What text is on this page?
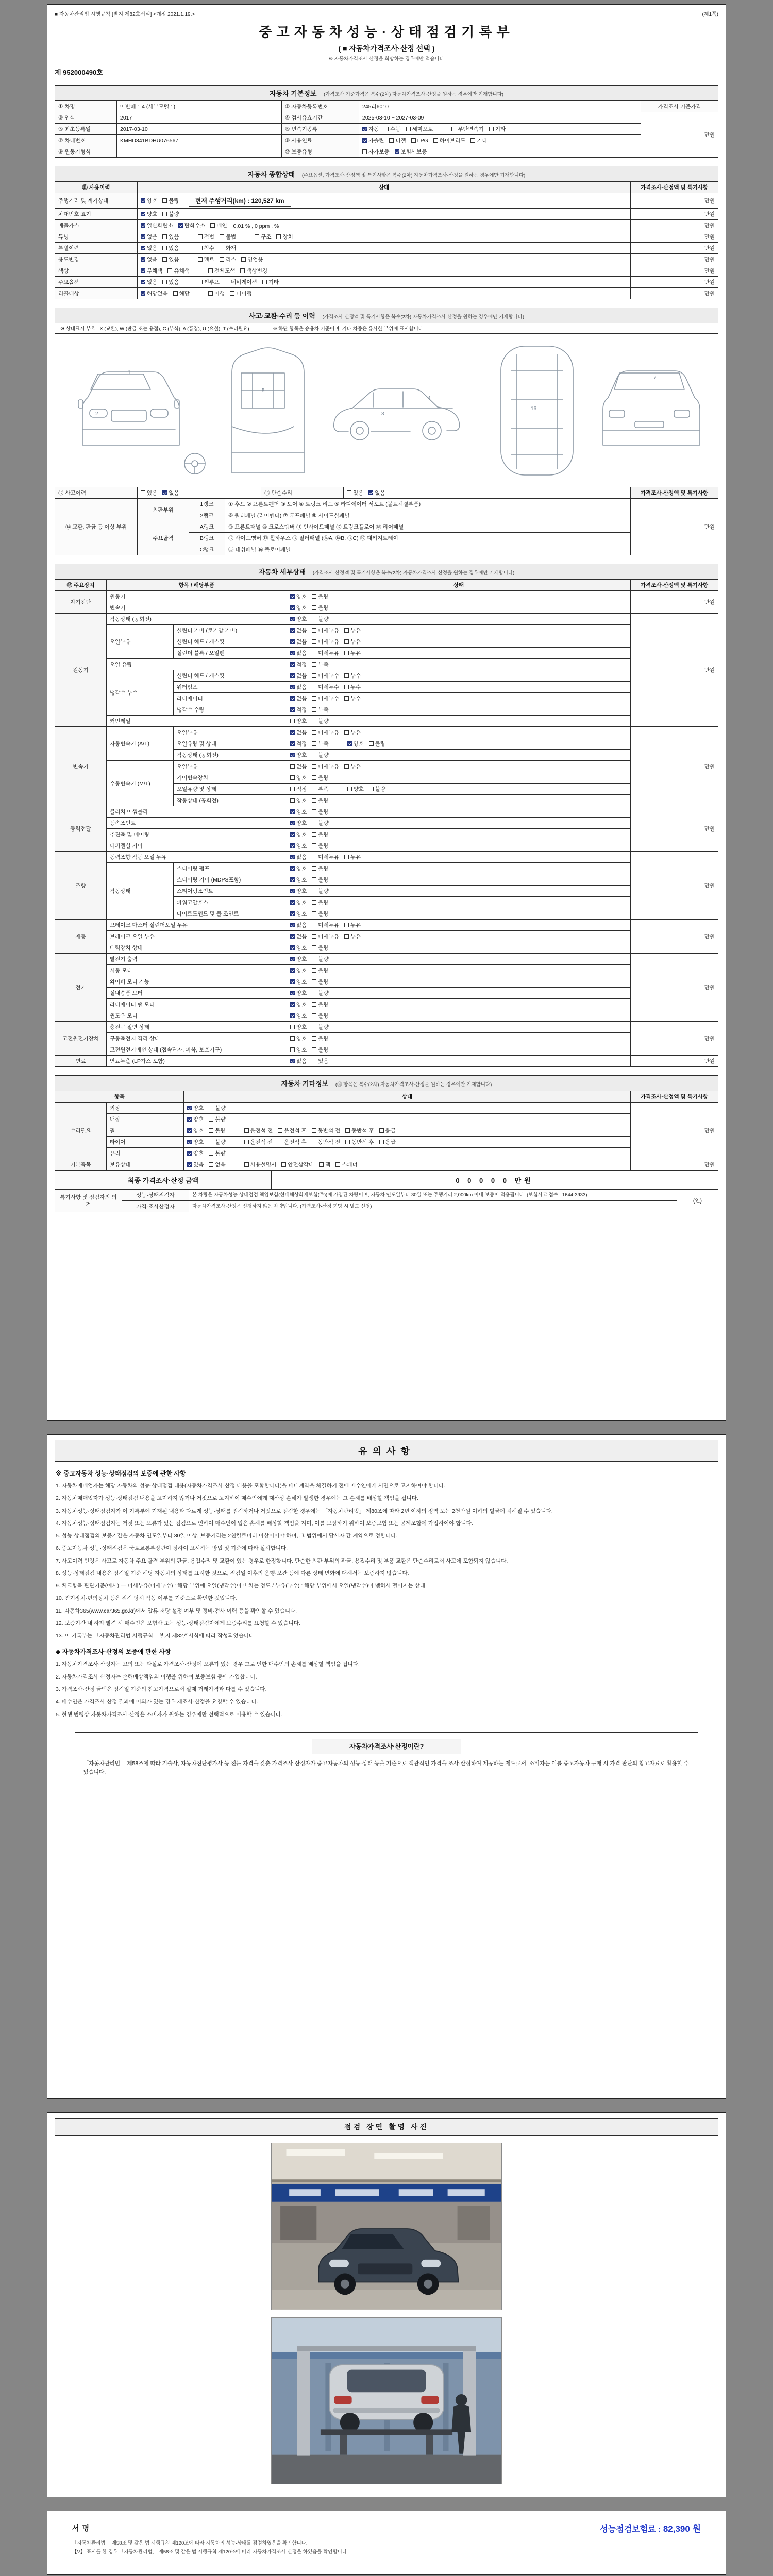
■ 자동차관리법 시행규칙 [별지 제82호서식] <개정 2021.1.19.>	(제1쪽)
중고자동차성능·상태점검기록부
( ■ 자동차가격조사·산정 선택 )
※ 자동차가격조사·산정을 희망하는 경우에만 적습니다
제 952000490호
자동차 기본정보 (가격조사 기준가격은 복수(2차) 자동차가격조사·산정을 원하는 경우에만 기재합니다)
① 차명	아반떼 1.4 (세부모델 : )	② 자동차등록번호	245러6010	가격조사 기준가격
③ 연식	2017	④ 검사유효기간	2025-03-10 ~ 2027-03-09	만원
⑤ 최초등록일	2017-03-10	⑥ 변속기종류	자동 수동 세미오토 무단변속기 기타	

⑦ 차대번호	KMHD341BDHU076567	⑧ 사용연료	가솔린 디젤 LPG 하이브리드 기타	

⑨ 원동기형식		⑩ 보증유형	자가보증 보험사보증	
자동차 종합상태 (주요옵션, 가격조사·산정액 및 특기사항은 복수(2차) 자동차가격조사·산정을 원하는 경우에만 기재합니다)
⑪ 사용이력	상태	가격조사·산정액 및 특기사항
주행거리 및 계기상태	양호 불량 현재 주행거리(km) : 120,527 km	만원
차대번호 표기	양호 불량	만원
배출가스	일산화탄소 탄화수소 매연 0.01 % , 0 ppm , %	만원
튜닝	없음 있음	적법 불법	구조 장치	만원
특별이력	없음 있음 침수 화재	만원
용도변경	없음 있음 렌트 리스 영업용	만원
색상	무채색 유채색 전체도색 색상변경	만원
주요옵션	없음 있음 썬루프 네비게이션 기타	만원
리콜대상	해당없음 해당 이행 미이행	만원
사고·교환·수리 등 이력 (가격조사·산정액 및 특기사항은 복수(2차) 자동차가격조사·산정을 원하는 경우에만 기재합니다)
※ 상태표시 부호 : X (교환), W (판금 또는 용접), C (부식), A (흠집), U (요철), T (수리필요)	※ 하단 항목은 승용차 기준이며, 기타 차종은 유사한 부위에 표시합니다.
1
2	3
4
5
16
7
⑫ 사고이력	있음 없음	⑬ 단순수리	있음 없음	가격조사·산정액 및 특기사항
⑭ 교환, 판금 등 이상 부위	외판부위	1랭크	① 후드 ② 프론트펜더 ③ 도어 ④ 트렁크 리드 ⑤ 라디에이터 서포트 (볼트체결부품)	만원
		2랭크	⑥ 쿼터패널 (리어펜더) ⑦ 루프패널 ⑧ 사이드실패널	
	주요골격	A랭크	⑨ 프론트패널 ⑩ 크로스멤버 ⑪ 인사이드패널 ⑰ 트렁크플로어 ⑱ 리어패널	
		B랭크	⑫ 사이드멤버 ⑬ 휠하우스 ⑭ 필러패널 (⑭A, ⑭B, ⑭C) ⑲ 패키지트레이	
		C랭크	⑮ 대쉬패널 ⑯ 플로어패널	
자동차 세부상태 (가격조사·산정액 및 특기사항은 복수(2차) 자동차가격조사·산정을 원하는 경우에만 기재합니다)
⑮ 주요장치	항목 / 해당부품		상태	가격조사·산정액 및 특기사항
자기진단	원동기		양호 불량	만원
	변속기		양호 불량	

원동기	작동상태 (공회전)		양호 불량	만원
	오일누유	실린더 커버 (로커암 커버)	없음 미세누유 누유	

		실린더 헤드 / 개스킷	없음 미세누유 누유	

		실린더 블록 / 오일팬	없음 미세누유 누유	

	오일 유량		적정 부족	

	냉각수 누수	실린더 헤드 / 개스킷	없음 미세누수 누수	

		워터펌프	없음 미세누수 누수	

		라디에이터	없음 미세누수 누수	

		냉각수 수량	적정 부족	

	커먼레일		양호 불량	

변속기	자동변속기 (A/T)	오일누유	없음 미세누유 누유	만원
		오일유량 및 상태	적정 부족 양호 불량	

		작동상태 (공회전)	양호 불량	

	수동변속기 (M/T)	오일누유	없음 미세누유 누유	

		기어변속장치	양호 불량	

		오일유량 및 상태	적정 부족 양호 불량	

		작동상태 (공회전)	양호 불량	

동력전달	클러치 어셈블리		양호 불량	만원
	등속조인트		양호 불량	

	추진축 및 베어링		양호 불량	

	디퍼렌셜 기어		양호 불량	

조향	동력조향 작동 오일 누유		없음 미세누유 누유	만원
	작동상태	스티어링 펌프	양호 불량	

		스티어링 기어 (MDPS포함)	양호 불량	

		스티어링조인트	양호 불량	

		파워고압호스	양호 불량	

		타이로드엔드 및 볼 조인트	양호 불량	

제동	브레이크 마스터 실린더오일 누유		없음 미세누유 누유	만원
	브레이크 오일 누유		없음 미세누유 누유	

	배력장치 상태		양호 불량	

전기	발전기 출력		양호 불량	만원
	시동 모터		양호 불량	

	와이퍼 모터 기능		양호 불량	

	실내송풍 모터		양호 불량	

	라디에이터 팬 모터		양호 불량	

	윈도우 모터		양호 불량	

고전원전기장치	충전구 절연 상태		양호 불량	만원
	구동축전지 격리 상태		양호 불량	

	고전원전기배선 상태 (접속단자, 피복, 보호기구)		양호 불량	

연료	연료누출 (LP가스 포함)		없음 있음	만원
자동차 기타정보 (⑯ 항목은 복수(2차) 자동차가격조사·산정을 원하는 경우에만 기재합니다)
항목		상태	가격조사·산정액 및 특기사항
수리필요	외장	양호 불량	만원
	내장	양호 불량	

휠	양호 불량	운전석 전 운전석 후 동반석 전 동반석 후 응급

타이어	양호 불량	운전석 전 운전석 후 동반석 전 동반석 후 응급

	유리	양호 불량	

기본품목	보유상태	있음 없음	사용설명서 안전삼각대 잭 스패너	만원
최종 가격조사·산정 금액	0 0 0 0 0 만원
특기사항 및 점검자의 의견	성능·상태점검자	본 차량은 자동차성능·상태점검 책임보험(현대해상화재보험(주))에 가입된 차량이며, 자동차 인도일부터 30일 또는 주행거리 2,000km 이내 보증이 적용됩니다. (보험사고 접수 : 1644-3933)	(인)
	가격·조사산정자	자동차가격조사·산정은 신청하지 않은 차량입니다. (가격조사·산정 희망 시 별도 신청)	
유의사항
※ 중고자동차 성능·상태점검의 보증에 관한 사항
1. 자동차매매업자는 해당 자동차의 성능·상태점검 내용(자동차가격조사·산정 내용을 포함합니다)을 매매계약을 체결하기 전에 매수인에게 서면으로 고지하여야 합니다.
2. 자동차매매업자가 성능·상태점검 내용을 고지하지 않거나 거짓으로 고지하여 매수인에게 재산상 손해가 발생한 경우에는 그 손해를 배상할 책임을 집니다.
3. 자동차성능·상태점검자가 이 기록부에 기재된 내용과 다르게 성능·상태를 점검하거나 거짓으로 점검한 경우에는 「자동차관리법」 제80조에 따라 2년 이하의 징역 또는 2천만원 이하의 벌금에 처해질 수 있습니다.
4. 자동차성능·상태점검자는 거짓 또는 오류가 있는 점검으로 인하여 매수인이 입은 손해를 배상할 책임을 지며, 이를 보장하기 위하여 보증보험 또는 공제조합에 가입하여야 합니다.
5. 성능·상태점검의 보증기간은 자동차 인도일부터 30일 이상, 보증거리는 2천킬로미터 이상이어야 하며, 그 범위에서 당사자 간 계약으로 정합니다.
6. 중고자동차 성능·상태점검은 국토교통부장관이 정하여 고시하는 방법 및 기준에 따라 실시합니다.
7. 사고이력 인정은 사고로 자동차 주요 골격 부위의 판금, 용접수리 및 교환이 있는 경우로 한정합니다. 단순한 외판 부위의 판금, 용접수리 및 부품 교환은 단순수리로서 사고에 포함되지 않습니다.
8. 성능·상태점검 내용은 점검일 기준 해당 자동차의 상태를 표시한 것으로, 점검일 이후의 운행·보관 등에 따른 상태 변화에 대해서는 보증하지 않습니다.
9. 체크항목 판단기준(예시) — 미세누유(미세누수) : 해당 부위에 오일(냉각수)이 비치는 정도 / 누유(누수) : 해당 부위에서 오일(냉각수)이 맺혀서 떨어지는 상태
10. 전기장치·편의장치 등은 점검 당시 작동 여부를 기준으로 확인한 것입니다.
11. 자동차365(www.car365.go.kr)에서 압류·저당 설정 여부 및 정비·검사 이력 등을 확인할 수 있습니다.
12. 보증기간 내 하자 발견 시 매수인은 보험사 또는 성능·상태점검자에게 보증수리를 요청할 수 있습니다.
13. 이 기록부는 「자동차관리법 시행규칙」 별지 제82호서식에 따라 작성되었습니다.
◆ 자동차가격조사·산정의 보증에 관한 사항
1. 자동차가격조사·산정자는 고의 또는 과실로 가격조사·산정에 오류가 있는 경우 그로 인한 매수인의 손해를 배상할 책임을 집니다.
2. 자동차가격조사·산정자는 손해배상책임의 이행을 위하여 보증보험 등에 가입합니다.
3. 가격조사·산정 금액은 점검일 기준의 참고가격으로서 실제 거래가격과 다를 수 있습니다.
4. 매수인은 가격조사·산정 결과에 이의가 있는 경우 재조사·산정을 요청할 수 있습니다.
5. 현행 법령상 자동차가격조사·산정은 소비자가 원하는 경우에만 선택적으로 이용할 수 있습니다.
자동차가격조사·산정이란?
「자동차관리법」 제58조에 따라 기술사, 자동차진단평가사 등 전문 자격을 갖춘 가격조사·산정자가 중고자동차의 성능·상태 등을 기준으로 객관적인 가격을 조사·산정하여 제공하는 제도로서, 소비자는 이를 중고자동차 구매 시 가격 판단의 참고자료로 활용할 수 있습니다.
점검 장면 촬영 사진
서명	성능점검보험료 : 82,390 원
「자동차관리법」 제58조 및 같은 법 시행규칙 제120조에 따라 자동차의 성능·상태를 점검하였음을 확인합니다.
【V】 표시를 한 경우 「자동차관리법」 제58조 및 같은 법 시행규칙 제120조에 따라 자동차가격조사·산정을 하였음을 확인합니다.
